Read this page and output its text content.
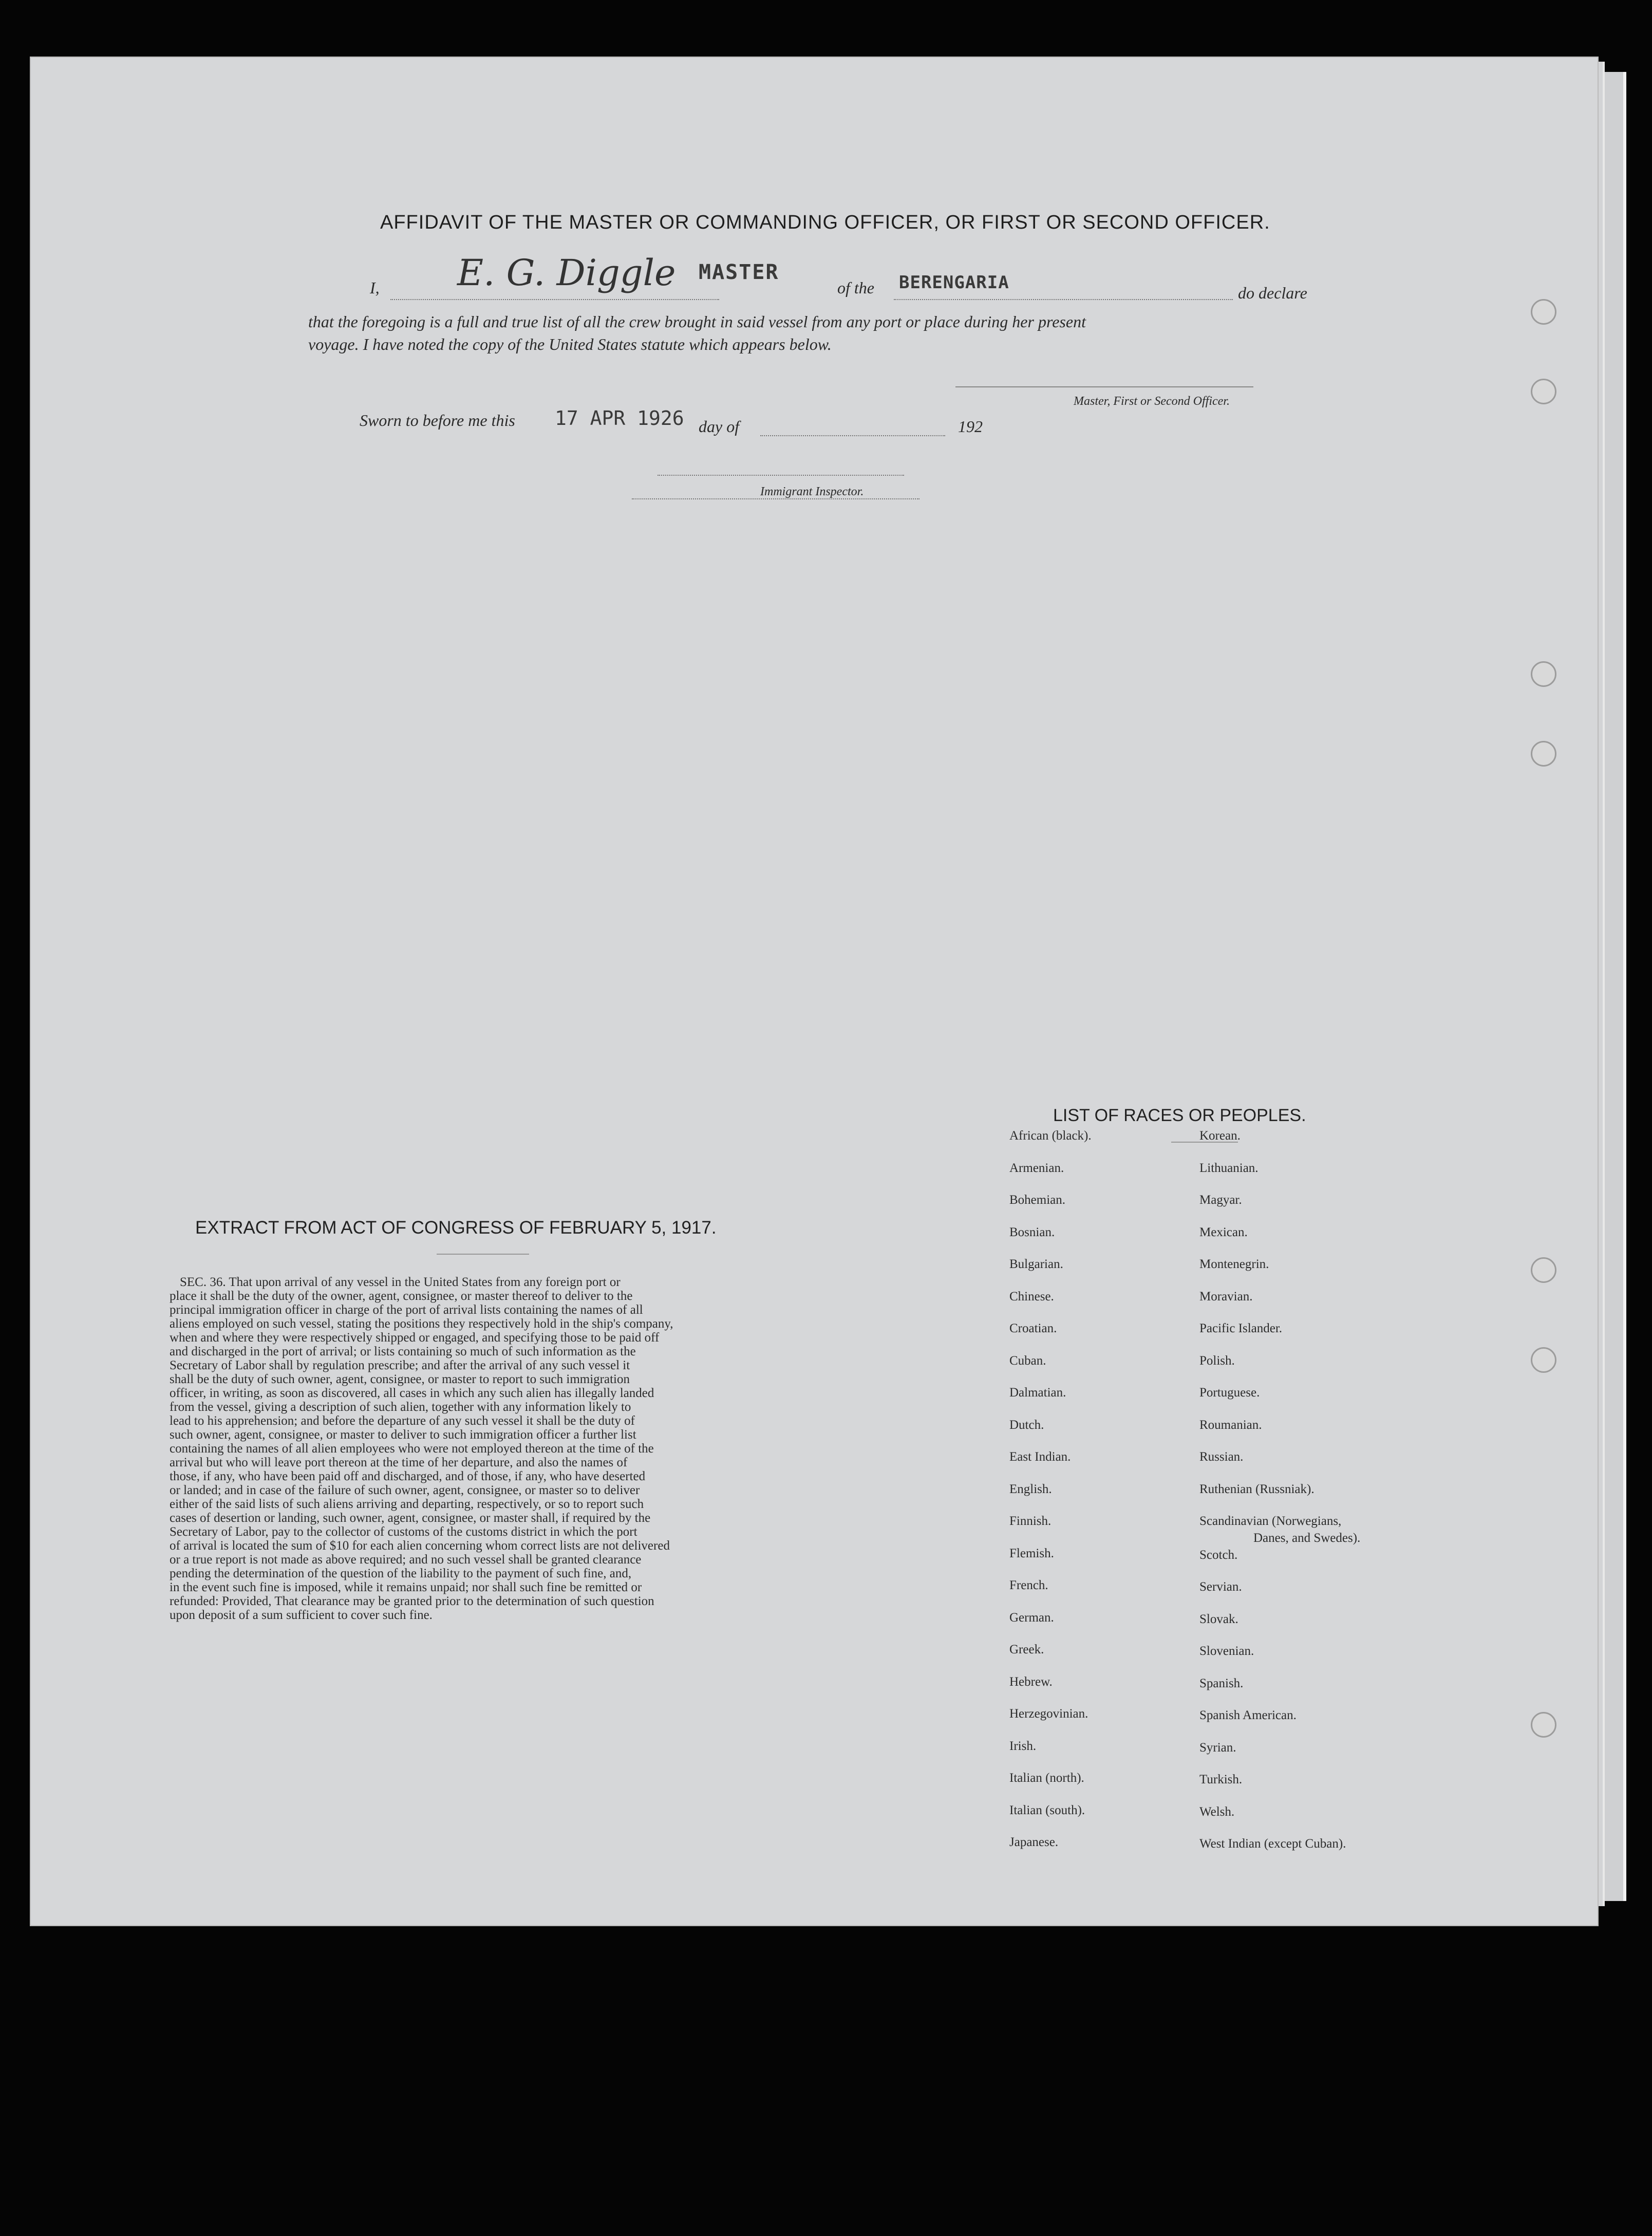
AFFIDAVIT OF THE MASTER OR COMMANDING OFFICER, OR FIRST OR SECOND OFFICER.
I, E. G. Diggle MASTER
of the BERENGARIA	do declare
that the foregoing is a full and true list of all the crew brought in said vessel from any port or place during her present
voyage. I have noted the copy of the United States statute which appears below.
Master, First or Second Officer.
Sworn to before me this 17 APR 1926 day of	192
Immigrant Inspector.
EXTRACT FROM ACT OF CONGRESS OF FEBRUARY 5, 1917.
SEC. 36. That upon arrival of any vessel in the United States from any foreign port or
place it shall be the duty of the owner, agent, consignee, or master thereof to deliver to the
principal immigration officer in charge of the port of arrival lists containing the names of all
aliens employed on such vessel, stating the positions they respectively hold in the ship's company,
when and where they were respectively shipped or engaged, and specifying those to be paid off
and discharged in the port of arrival; or lists containing so much of such information as the
Secretary of Labor shall by regulation prescribe; and after the arrival of any such vessel it
shall be the duty of such owner, agent, consignee, or master to report to such immigration
officer, in writing, as soon as discovered, all cases in which any such alien has illegally landed
from the vessel, giving a description of such alien, together with any information likely to
lead to his apprehension; and before the departure of any such vessel it shall be the duty of
such owner, agent, consignee, or master to deliver to such immigration officer a further list
containing the names of all alien employees who were not employed thereon at the time of the
arrival but who will leave port thereon at the time of her departure, and also the names of
those, if any, who have been paid off and discharged, and of those, if any, who have deserted
or landed; and in case of the failure of such owner, agent, consignee, or master so to deliver
either of the said lists of such aliens arriving and departing, respectively, or so to report such
cases of desertion or landing, such owner, agent, consignee, or master shall, if required by the
Secretary of Labor, pay to the collector of customs of the customs district in which the port
of arrival is located the sum of $10 for each alien concerning whom correct lists are not delivered
or a true report is not made as above required; and no such vessel shall be granted clearance
pending the determination of the question of the liability to the payment of such fine, and,
in the event such fine is imposed, while it remains unpaid; nor shall such fine be remitted or
refunded: Provided, That clearance may be granted prior to the determination of such question
upon deposit of a sum sufficient to cover such fine.
LIST OF RACES OR PEOPLES.
African (black).
Armenian.
Bohemian.
Bosnian.
Bulgarian.
Chinese.
Croatian.
Cuban.
Dalmatian.
Dutch.
East Indian.
English.
Finnish.
Flemish.
French.
German.
Greek.
Hebrew.
Herzegovinian.
Irish.
Italian (north).
Italian (south).
Japanese.
Korean.
Lithuanian.
Magyar.
Mexican.
Montenegrin.
Moravian.
Pacific Islander.
Polish.
Portuguese.
Roumanian.
Russian.
Ruthenian (Russniak).
Scandinavian (Norwegians,
Danes, and Swedes).
Scotch.
Servian.
Slovak.
Slovenian.
Spanish.
Spanish American.
Syrian.
Turkish.
Welsh.
West Indian (except Cuban).
